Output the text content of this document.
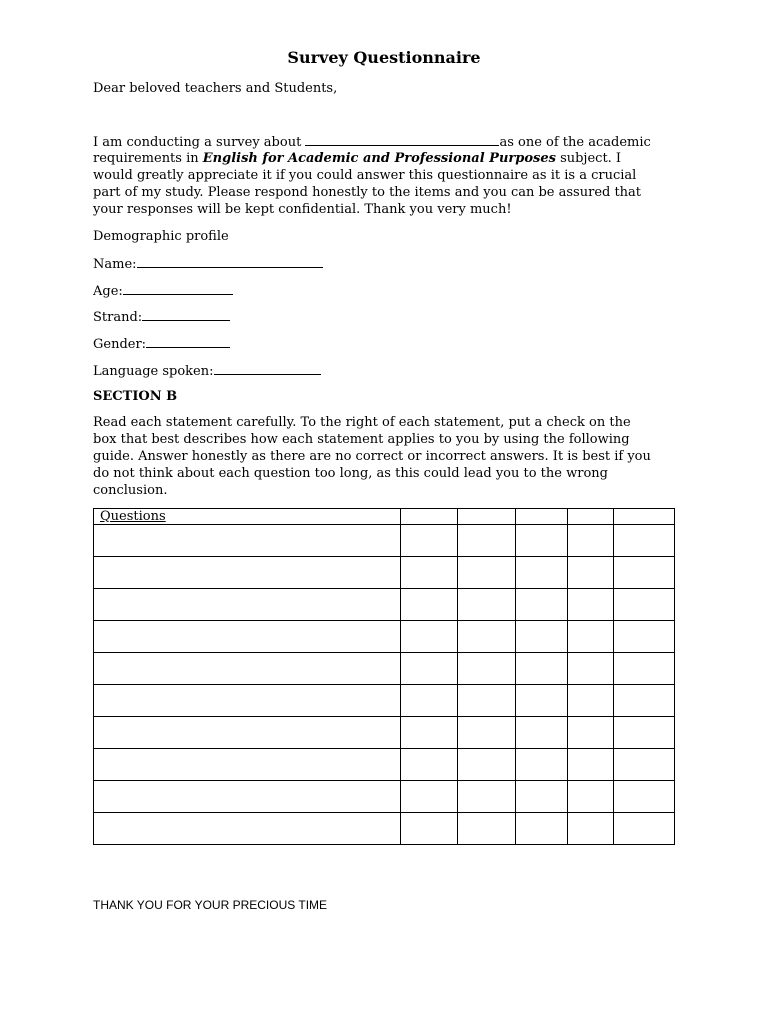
Survey Questionnaire
Dear beloved teachers and Students,
I am conducting a survey about	as one of the academic
requirements in English for Academic and Professional Purposes subject. I
would greatly appreciate it if you could answer this questionnaire as it is a crucial
part of my study. Please respond honestly to the items and you can be assured that
your responses will be kept confidential. Thank you very much!
Demographic profile
Name:
Age:
Strand:
Gender:
Language spoken:
SECTION B
Read each statement carefully. To the right of each statement, put a check on the
box that best describes how each statement applies to you by using the following
guide. Answer honestly as there are no correct or incorrect answers. It is best if you
do not think about each question too long, as this could lead you to the wrong
conclusion.
Questions					

THANK YOU FOR YOUR PRECIOUS TIME
